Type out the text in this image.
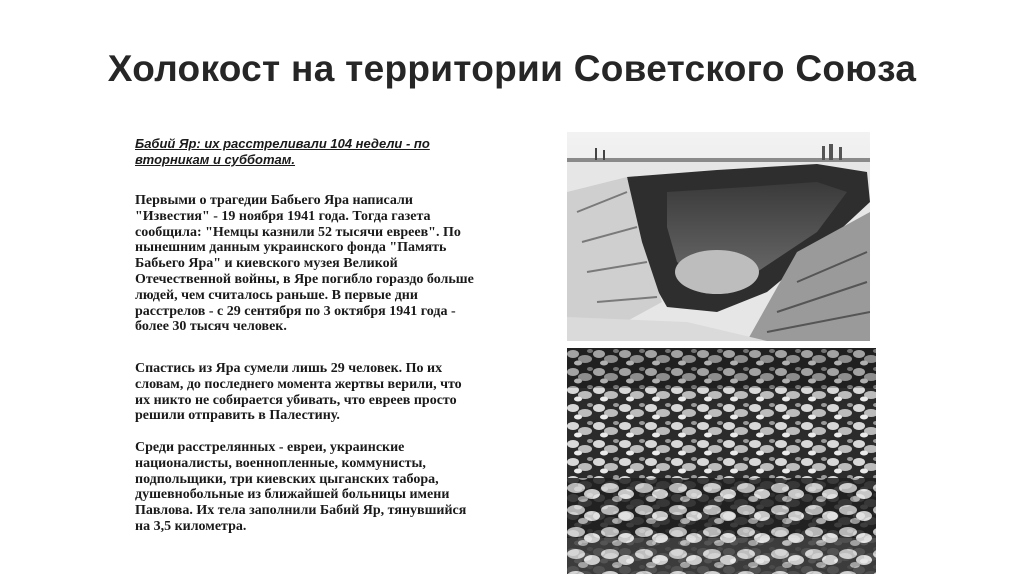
Холокост на территории Советского Союза
Бабий Яр: их расстреливали 104 недели - по
вторникам и субботам.
Первыми о трагедии Бабьего Яра написали
"Известия" - 19 ноября 1941 года. Тогда газета
сообщила: "Немцы казнили 52 тысячи евреев". По
нынешним данным украинского фонда "Память
Бабьего Яра" и киевского музея Великой
Отечественной войны, в Яре погибло гораздо больше
людей, чем считалось раньше. В первые дни
расстрелов - с 29 сентября по 3 октября 1941 года -
более 30 тысяч человек.
Спастись из Яра сумели лишь 29 человек. По их
словам, до последнего момента жертвы верили, что
их никто не собирается убивать, что евреев просто
решили отправить в Палестину.
Среди расстрелянных - евреи, украинские
националисты, военнопленные, коммунисты,
подпольщики, три киевских цыганских табора,
душевнобольные из ближайшей больницы имени
Павлова. Их тела заполнили Бабий Яр, тянувшийся
на 3,5 километра.
